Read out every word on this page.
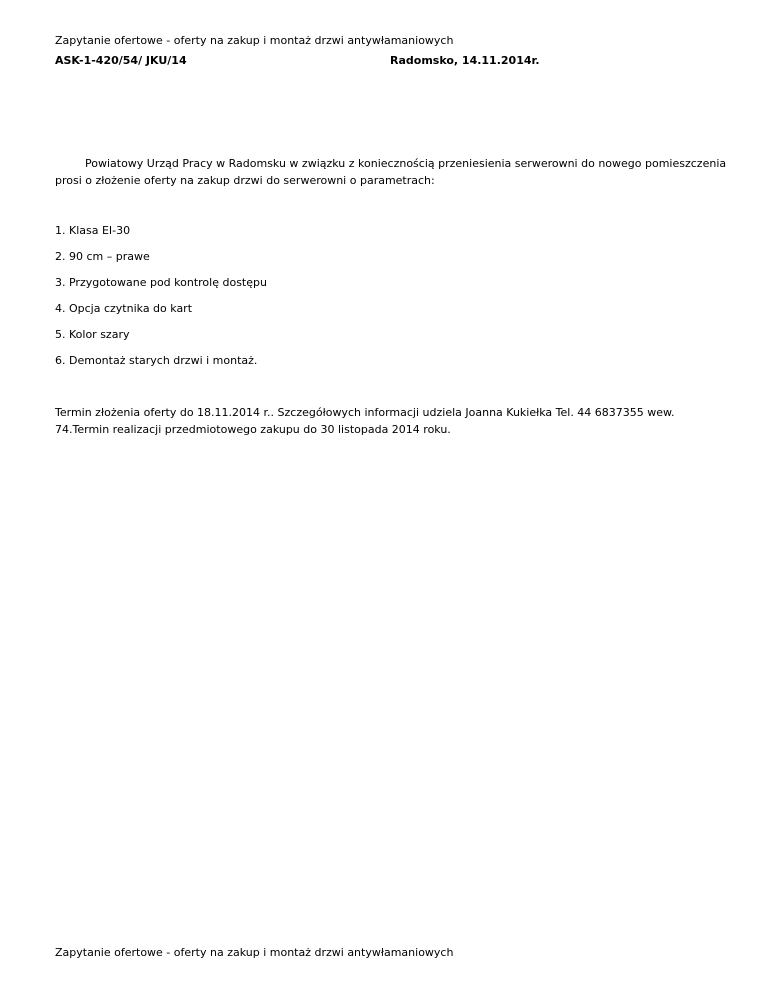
Zapytanie ofertowe - oferty na zakup i montaż drzwi antywłamaniowych
ASK-1-420/54/ JKU/14	Radomsko, 14.11.2014r.
Powiatowy Urząd Pracy w Radomsku w związku z koniecznością przeniesienia serwerowni do nowego pomieszczenia
prosi o złożenie oferty na zakup drzwi do serwerowni o parametrach:
1. Klasa EI-30
2. 90 cm – prawe
3. Przygotowane pod kontrolę dostępu
4. Opcja czytnika do kart
5. Kolor szary
6. Demontaż starych drzwi i montaż.
Termin złożenia oferty do 18.11.2014 r.. Szczegółowych informacji udziela Joanna Kukiełka Tel. 44 6837355 wew.
74.Termin realizacji przedmiotowego zakupu do 30 listopada 2014 roku.
Zapytanie ofertowe - oferty na zakup i montaż drzwi antywłamaniowych
